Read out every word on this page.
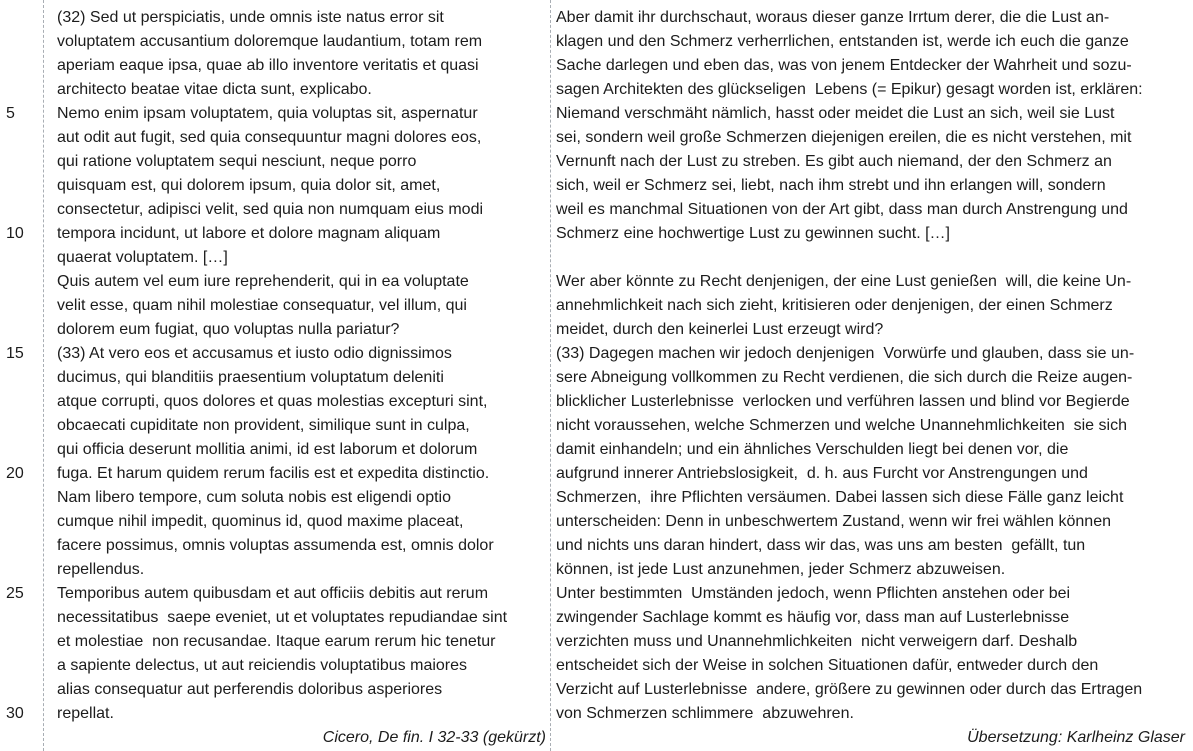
5
10
15
20
25
30
(32) Sed ut perspiciatis, unde omnis iste natus error sit
voluptatem accusantium doloremque laudantium, totam rem
aperiam eaque ipsa, quae ab illo inventore veritatis et quasi
architecto beatae vitae dicta sunt, explicabo.
Nemo enim ipsam voluptatem, quia voluptas sit, aspernatur
aut odit aut fugit, sed quia consequuntur magni dolores eos,
qui ratione voluptatem sequi nesciunt, neque porro
quisquam est, qui dolorem ipsum, quia dolor sit, amet,
consectetur, adipisci velit, sed quia non numquam eius modi
tempora incidunt, ut labore et dolore magnam aliquam
quaerat voluptatem. […]
Quis autem vel eum iure reprehenderit, qui in ea voluptate
velit esse, quam nihil molestiae consequatur, vel illum, qui
dolorem eum fugiat, quo voluptas nulla pariatur?
(33) At vero eos et accusamus et iusto odio dignissimos
ducimus, qui blanditiis praesentium voluptatum deleniti
atque corrupti, quos dolores et quas molestias excepturi sint,
obcaecati cupiditate non provident, similique sunt in culpa,
qui officia deserunt mollitia animi, id est laborum et dolorum
fuga. Et harum quidem rerum facilis est et expedita distinctio.
Nam libero tempore, cum soluta nobis est eligendi optio
cumque nihil impedit, quominus id, quod maxime placeat,
facere possimus, omnis voluptas assumenda est, omnis dolor
repellendus.
Temporibus autem quibusdam et aut officiis debitis aut rerum
necessitatibus  saepe eveniet, ut et voluptates repudiandae sint
et molestiae  non recusandae. Itaque earum rerum hic tenetur
a sapiente delectus, ut aut reiciendis voluptatibus maiores
alias consequatur aut perferendis doloribus asperiores
repellat.
Cicero, De fin. I 32-33 (gekürzt)
Aber damit ihr durchschaut, woraus dieser ganze Irrtum derer, die die Lust an-
klagen und den Schmerz verherrlichen, entstanden ist, werde ich euch die ganze
Sache darlegen und eben das, was von jenem Entdecker der Wahrheit und sozu-
sagen Architekten des glückseligen  Lebens (= Epikur) gesagt worden ist, erklären:
Niemand verschmäht nämlich, hasst oder meidet die Lust an sich, weil sie Lust
sei, sondern weil große Schmerzen diejenigen ereilen, die es nicht verstehen, mit
Vernunft nach der Lust zu streben. Es gibt auch niemand, der den Schmerz an
sich, weil er Schmerz sei, liebt, nach ihm strebt und ihn erlangen will, sondern
weil es manchmal Situationen von der Art gibt, dass man durch Anstrengung und
Schmerz eine hochwertige Lust zu gewinnen sucht. […]
Wer aber könnte zu Recht denjenigen, der eine Lust genießen  will, die keine Un-
annehmlichkeit nach sich zieht, kritisieren oder denjenigen, der einen Schmerz
meidet, durch den keinerlei Lust erzeugt wird?
(33) Dagegen machen wir jedoch denjenigen  Vorwürfe und glauben, dass sie un-
sere Abneigung vollkommen zu Recht verdienen, die sich durch die Reize augen-
blicklicher Lusterlebnisse  verlocken und verführen lassen und blind vor Begierde
nicht voraussehen, welche Schmerzen und welche Unannehmlichkeiten  sie sich
damit einhandeln; und ein ähnliches Verschulden liegt bei denen vor, die
aufgrund innerer Antriebslosigkeit,  d. h. aus Furcht vor Anstrengungen und
Schmerzen,  ihre Pflichten versäumen. Dabei lassen sich diese Fälle ganz leicht
unterscheiden: Denn in unbeschwertem Zustand, wenn wir frei wählen können
und nichts uns daran hindert, dass wir das, was uns am besten  gefällt, tun
können, ist jede Lust anzunehmen, jeder Schmerz abzuweisen.
Unter bestimmten  Umständen jedoch, wenn Pflichten anstehen oder bei
zwingender Sachlage kommt es häufig vor, dass man auf Lusterlebnisse
verzichten muss und Unannehmlichkeiten  nicht verweigern darf. Deshalb
entscheidet sich der Weise in solchen Situationen dafür, entweder durch den
Verzicht auf Lusterlebnisse  andere, größere zu gewinnen oder durch das Ertragen
von Schmerzen schlimmere  abzuwehren.
Übersetzung: Karlheinz Glaser
